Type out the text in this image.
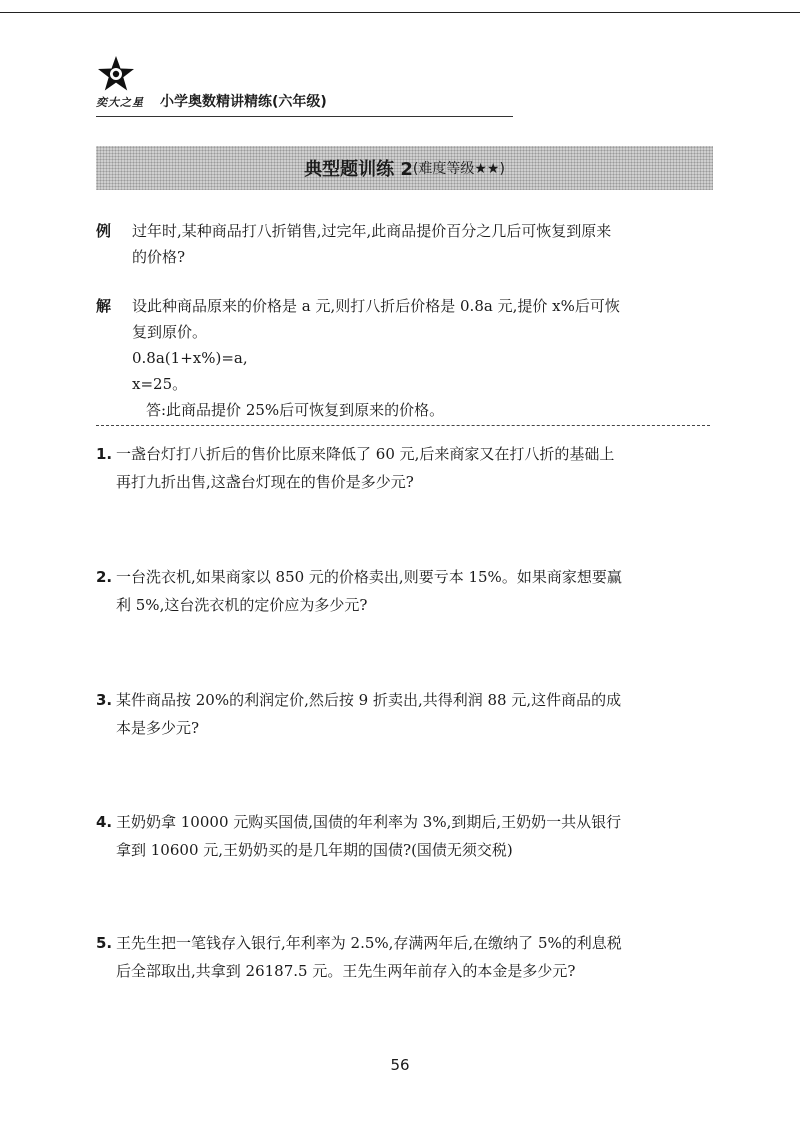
奕大之星 小学奥数精讲精练(六年级)
典型题训练 2 (难度等级★★)
例 过年时,某种商品打八折销售,过完年,此商品提价百分之几后可恢复到原来
的价格?
解 设此种商品原来的价格是 a 元,则打八折后价格是 0.8a 元,提价 x%后可恢
复到原价。
0.8a(1+x%)=a,
x=25。
答:此商品提价 25%后可恢复到原来的价格。
1. 一盏台灯打八折后的售价比原来降低了 60 元,后来商家又在打八折的基础上
再打九折出售,这盏台灯现在的售价是多少元?
2. 一台洗衣机,如果商家以 850 元的价格卖出,则要亏本 15%。如果商家想要赢
利 5%,这台洗衣机的定价应为多少元?
3. 某件商品按 20%的利润定价,然后按 9 折卖出,共得利润 88 元,这件商品的成
本是多少元?
4. 王奶奶拿 10000 元购买国债,国债的年利率为 3%,到期后,王奶奶一共从银行
拿到 10600 元,王奶奶买的是几年期的国债?(国债无须交税)
5. 王先生把一笔钱存入银行,年利率为 2.5%,存满两年后,在缴纳了 5%的利息税
后全部取出,共拿到 26187.5 元。王先生两年前存入的本金是多少元?
56
